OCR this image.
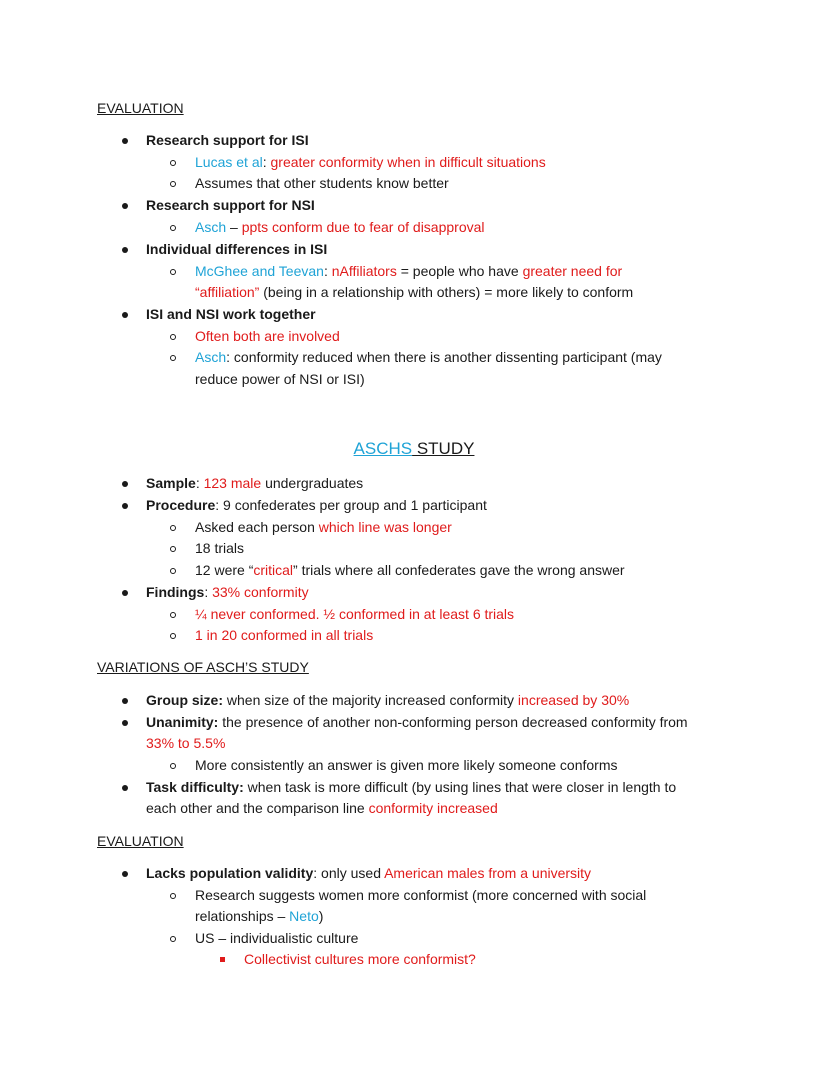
EVALUATION
Research support for ISI
Lucas et al: greater conformity when in difficult situations
Assumes that other students know better
Research support for NSI
Asch – ppts conform due to fear of disapproval
Individual differences in ISI
McGhee and Teevan: nAffiliators = people who have greater need for
“affiliation” (being in a relationship with others) = more likely to conform
ISI and NSI work together
Often both are involved
Asch: conformity reduced when there is another dissenting participant (may
reduce power of NSI or ISI)
ASCHS STUDY
Sample: 123 male undergraduates
Procedure: 9 confederates per group and 1 participant
Asked each person which line was longer
18 trials
12 were “critical” trials where all confederates gave the wrong answer
Findings: 33% conformity
¼ never conformed. ½ conformed in at least 6 trials
1 in 20 conformed in all trials
VARIATIONS OF ASCH’S STUDY
Group size: when size of the majority increased conformity increased by 30%
Unanimity: the presence of another non-conforming person decreased conformity from
33% to 5.5%
More consistently an answer is given more likely someone conforms
Task difficulty: when task is more difficult (by using lines that were closer in length to
each other and the comparison line conformity increased
EVALUATION
Lacks population validity: only used American males from a university
Research suggests women more conformist (more concerned with social
relationships – Neto)
US – individualistic culture
Collectivist cultures more conformist?
